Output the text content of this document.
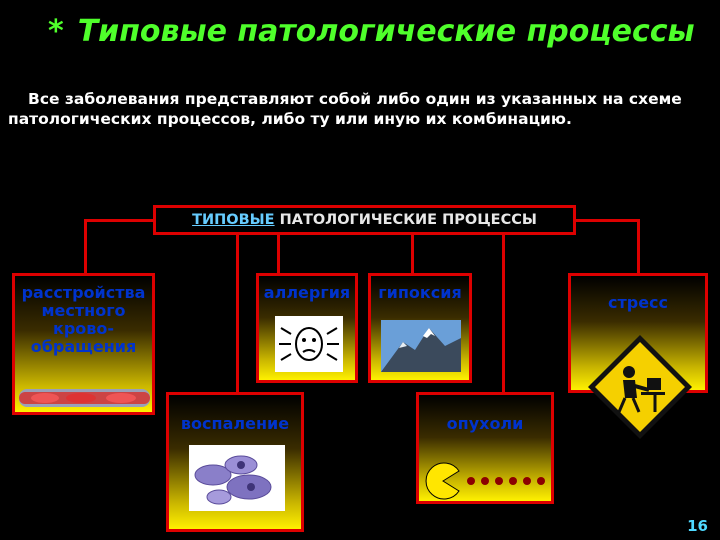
* Типовые патологические процессы
Все заболевания представляют собой либо один из указанных на схеме патологических процессов, либо ту или иную их комбинацию.
ТИПОВЫЕ ПАТОЛОГИЧЕСКИЕ ПРОЦЕССЫ
расстройства местного крово-обращения
аллергия	гипоксия
стресс
воспаление	опухоли
16
